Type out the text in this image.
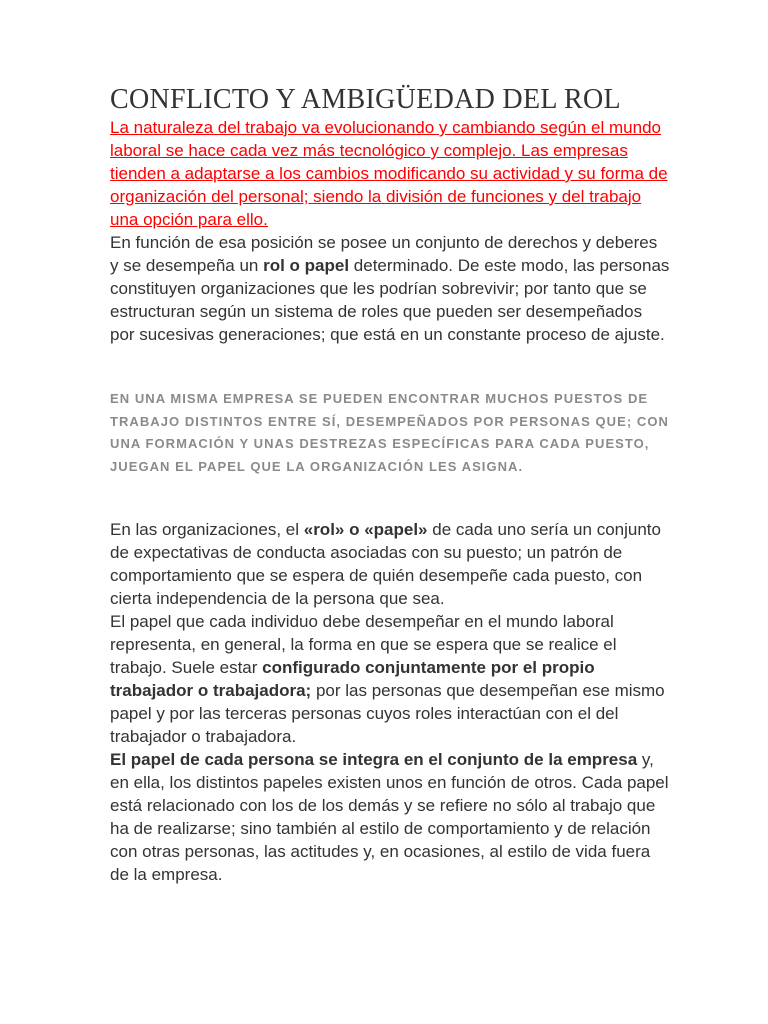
CONFLICTO Y AMBIGÜEDAD DEL ROL

La naturaleza del trabajo va evolucionando y cambiando según el mundo laboral se hace cada vez más tecnológico y complejo. Las empresas tienden a adaptarse a los cambios modificando su actividad y su forma de organización del personal; siendo la división de funciones y del trabajo una opción para ello.

En función de esa posición se posee un conjunto de derechos y deberes y se desempeña un rol o papel determinado. De este modo, las personas constituyen organizaciones que les podrían sobrevivir; por tanto que se estructuran según un sistema de roles que pueden ser desempeñados por sucesivas generaciones; que está en un constante proceso de ajuste.

EN UNA MISMA EMPRESA SE PUEDEN ENCONTRAR MUCHOS PUESTOS DE TRABAJO DISTINTOS ENTRE SÍ, DESEMPEÑADOS POR PERSONAS QUE; CON UNA FORMACIÓN Y UNAS DESTREZAS ESPECÍFICAS PARA CADA PUESTO, JUEGAN EL PAPEL QUE LA ORGANIZACIÓN LES ASIGNA.

En las organizaciones, el «rol» o «papel» de cada uno sería un conjunto de expectativas de conducta asociadas con su puesto; un patrón de comportamiento que se espera de quién desempeñe cada puesto, con cierta independencia de la persona que sea.

El papel que cada individuo debe desempeñar en el mundo laboral representa, en general, la forma en que se espera que se realice el trabajo. Suele estar configurado conjuntamente por el propio trabajador o trabajadora; por las personas que desempeñan ese mismo papel y por las terceras personas cuyos roles interactúan con el del trabajador o trabajadora.

El papel de cada persona se integra en el conjunto de la empresa y, en ella, los distintos papeles existen unos en función de otros. Cada papel está relacionado con los de los demás y se refiere no sólo al trabajo que ha de realizarse; sino también al estilo de comportamiento y de relación con otras personas, las actitudes y, en ocasiones, al estilo de vida fuera de la empresa.
